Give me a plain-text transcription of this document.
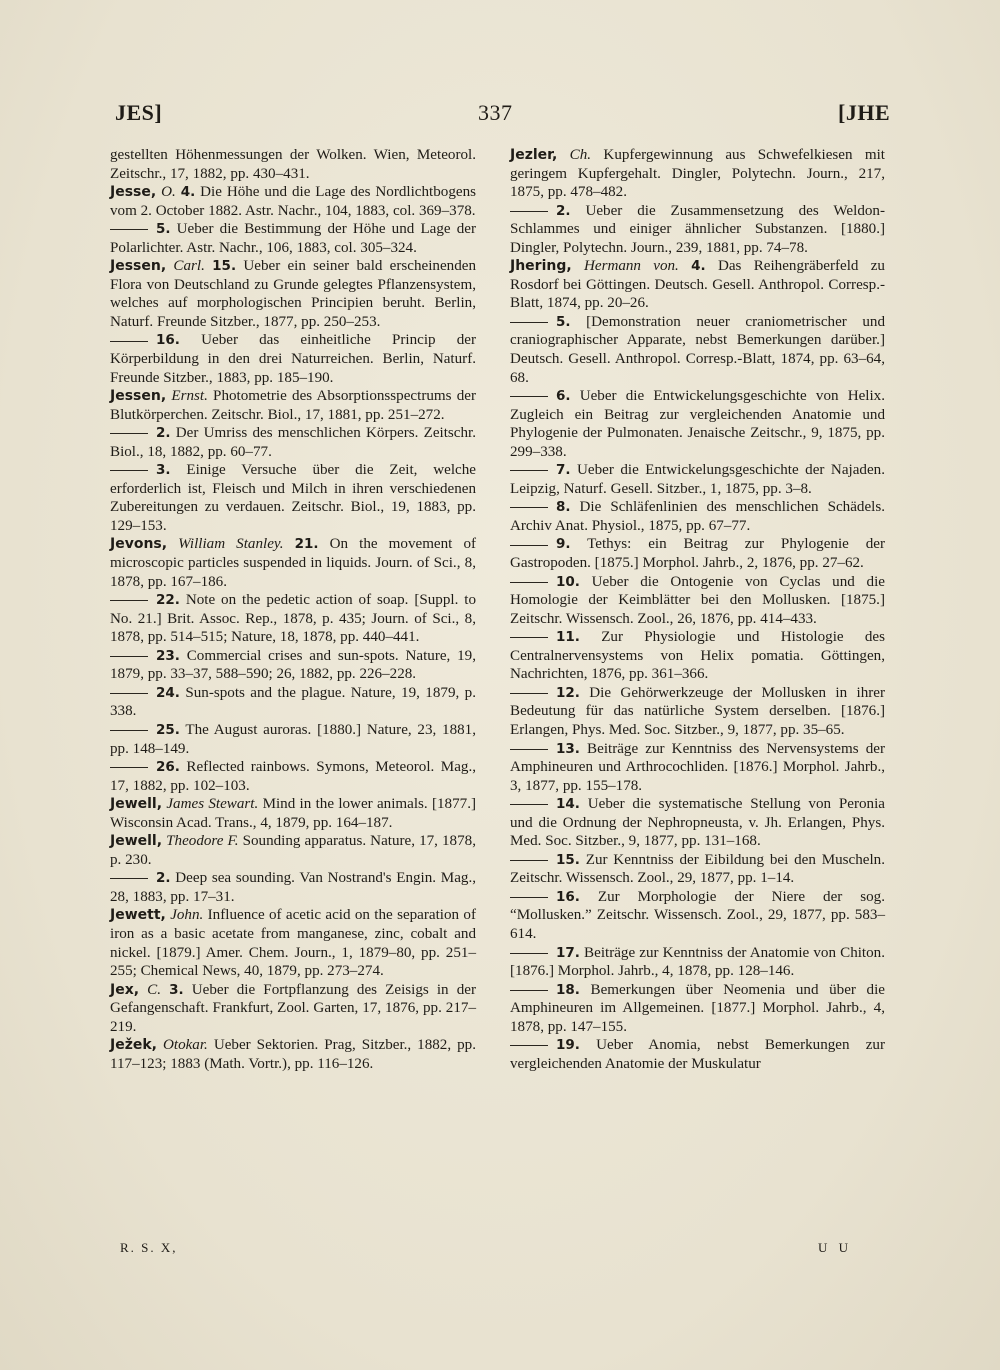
JES]	337	[JHE

gestellten Höhenmessungen der Wolken. Wien, Meteorol. Zeitschr., 17, 1882, pp. 430–431.

Jesse, O. 4. Die Höhe und die Lage des Nordlichtbogens vom 2. October 1882. Astr. Nachr., 104, 1883, col. 369–378.

5. Ueber die Bestimmung der Höhe und Lage der Polarlichter. Astr. Nachr., 106, 1883, col. 305–324.

Jessen, Carl. 15. Ueber ein seiner bald erscheinenden Flora von Deutschland zu Grunde gelegtes Pflanzensystem, welches auf morphologischen Principien beruht. Berlin, Naturf. Freunde Sitzber., 1877, pp. 250–253.

16. Ueber das einheitliche Princip der Körperbildung in den drei Naturreichen. Berlin, Naturf. Freunde Sitzber., 1883, pp. 185–190.

Jessen, Ernst. Photometrie des Absorptionsspectrums der Blutkörperchen. Zeitschr. Biol., 17, 1881, pp. 251–272.

2. Der Umriss des menschlichen Körpers. Zeitschr. Biol., 18, 1882, pp. 60–77.

3. Einige Versuche über die Zeit, welche erforderlich ist, Fleisch und Milch in ihren verschiedenen Zubereitungen zu verdauen. Zeitschr. Biol., 19, 1883, pp. 129–153.

Jevons, William Stanley. 21. On the movement of microscopic particles suspended in liquids. Journ. of Sci., 8, 1878, pp. 167–186.

22. Note on the pedetic action of soap. [Suppl. to No. 21.] Brit. Assoc. Rep., 1878, p. 435; Journ. of Sci., 8, 1878, pp. 514–515; Nature, 18, 1878, pp. 440–441.

23. Commercial crises and sun-spots. Nature, 19, 1879, pp. 33–37, 588–590; 26, 1882, pp. 226–228.

24. Sun-spots and the plague. Nature, 19, 1879, p. 338.

25. The August auroras. [1880.] Nature, 23, 1881, pp. 148–149.

26. Reflected rainbows. Symons, Meteorol. Mag., 17, 1882, pp. 102–103.

Jewell, James Stewart. Mind in the lower animals. [1877.] Wisconsin Acad. Trans., 4, 1879, pp. 164–187.

Jewell, Theodore F. Sounding apparatus. Nature, 17, 1878, p. 230.

2. Deep sea sounding. Van Nostrand's Engin. Mag., 28, 1883, pp. 17–31.

Jewett, John. Influence of acetic acid on the separation of iron as a basic acetate from manganese, zinc, cobalt and nickel. [1879.] Amer. Chem. Journ., 1, 1879–80, pp. 251–255; Chemical News, 40, 1879, pp. 273–274.

Jex, C. 3. Ueber die Fortpflanzung des Zeisigs in der Gefangenschaft. Frankfurt, Zool. Garten, 17, 1876, pp. 217–219.

Ježek, Otokar. Ueber Sektorien. Prag, Sitzber., 1882, pp. 117–123; 1883 (Math. Vortr.), pp. 116–126.

Jezler, Ch. Kupfergewinnung aus Schwefelkiesen mit geringem Kupfergehalt. Dingler, Polytechn. Journ., 217, 1875, pp. 478–482.

2. Ueber die Zusammensetzung des Weldon-Schlammes und einiger ähnlicher Substanzen. [1880.] Dingler, Polytechn. Journ., 239, 1881, pp. 74–78.

Jhering, Hermann von. 4. Das Reihengräberfeld zu Rosdorf bei Göttingen. Deutsch. Gesell. Anthropol. Corresp.-Blatt, 1874, pp. 20–26.

5. [Demonstration neuer craniometrischer und craniographischer Apparate, nebst Bemerkungen darüber.] Deutsch. Gesell. Anthropol. Corresp.-Blatt, 1874, pp. 63–64, 68.

6. Ueber die Entwickelungsgeschichte von Helix. Zugleich ein Beitrag zur vergleichenden Anatomie und Phylogenie der Pulmonaten. Jenaische Zeitschr., 9, 1875, pp. 299–338.

7. Ueber die Entwickelungsgeschichte der Najaden. Leipzig, Naturf. Gesell. Sitzber., 1, 1875, pp. 3–8.

8. Die Schläfenlinien des menschlichen Schädels. Archiv Anat. Physiol., 1875, pp. 67–77.

9. Tethys: ein Beitrag zur Phylogenie der Gastropoden. [1875.] Morphol. Jahrb., 2, 1876, pp. 27–62.

10. Ueber die Ontogenie von Cyclas und die Homologie der Keimblätter bei den Mollusken. [1875.] Zeitschr. Wissensch. Zool., 26, 1876, pp. 414–433.

11. Zur Physiologie und Histologie des Centralnervensystems von Helix pomatia. Göttingen, Nachrichten, 1876, pp. 361–366.

12. Die Gehörwerkzeuge der Mollusken in ihrer Bedeutung für das natürliche System derselben. [1876.] Erlangen, Phys. Med. Soc. Sitzber., 9, 1877, pp. 35–65.

13. Beiträge zur Kenntniss des Nervensystems der Amphineuren und Arthrocochliden. [1876.] Morphol. Jahrb., 3, 1877, pp. 155–178.

14. Ueber die systematische Stellung von Peronia und die Ordnung der Nephropneusta, v. Jh. Erlangen, Phys. Med. Soc. Sitzber., 9, 1877, pp. 131–168.

15. Zur Kenntniss der Eibildung bei den Muscheln. Zeitschr. Wissensch. Zool., 29, 1877, pp. 1–14.

16. Zur Morphologie der Niere der sog. “Mollusken.” Zeitschr. Wissensch. Zool., 29, 1877, pp. 583–614.

17. Beiträge zur Kenntniss der Anatomie von Chiton. [1876.] Morphol. Jahrb., 4, 1878, pp. 128–146.

18. Bemerkungen über Neomenia und über die Amphineuren im Allgemeinen. [1877.] Morphol. Jahrb., 4, 1878, pp. 147–155.

19. Ueber Anomia, nebst Bemerkungen zur vergleichenden Anatomie der Muskulatur

R. S. X,	U U
